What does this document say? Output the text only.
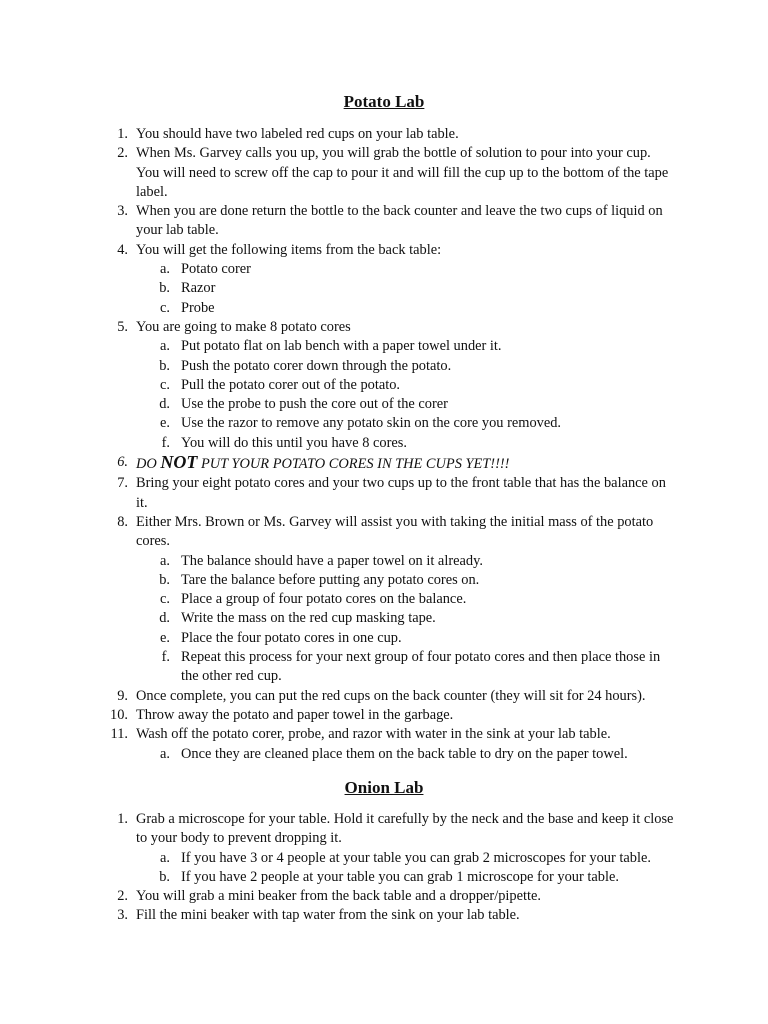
Potato Lab
1. You should have two labeled red cups on your lab table.
2. When Ms. Garvey calls you up, you will grab the bottle of solution to pour into your cup. You will need to screw off the cap to pour it and will fill the cup up to the bottom of the tape label.
3. When you are done return the bottle to the back counter and leave the two cups of liquid on your lab table.
4. You will get the following items from the back table:
a. Potato corer
b. Razor
c. Probe
5. You are going to make 8 potato cores
a. Put potato flat on lab bench with a paper towel under it.
b. Push the potato corer down through the potato.
c. Pull the potato corer out of the potato.
d. Use the probe to push the core out of the corer
e. Use the razor to remove any potato skin on the core you removed.
f. You will do this until you have 8 cores.
6. DO NOT PUT YOUR POTATO CORES IN THE CUPS YET!!!!
7. Bring your eight potato cores and your two cups up to the front table that has the balance on it.
8. Either Mrs. Brown or Ms. Garvey will assist you with taking the initial mass of the potato cores.
a. The balance should have a paper towel on it already.
b. Tare the balance before putting any potato cores on.
c. Place a group of four potato cores on the balance.
d. Write the mass on the red cup masking tape.
e. Place the four potato cores in one cup.
f. Repeat this process for your next group of four potato cores and then place those in the other red cup.
9. Once complete, you can put the red cups on the back counter (they will sit for 24 hours).
10. Throw away the potato and paper towel in the garbage.
11. Wash off the potato corer, probe, and razor with water in the sink at your lab table.
a. Once they are cleaned place them on the back table to dry on the paper towel.
Onion Lab
1. Grab a microscope for your table. Hold it carefully by the neck and the base and keep it close to your body to prevent dropping it.
a. If you have 3 or 4 people at your table you can grab 2 microscopes for your table.
b. If you have 2 people at your table you can grab 1 microscope for your table.
2. You will grab a mini beaker from the back table and a dropper/pipette.
3. Fill the mini beaker with tap water from the sink on your lab table.
